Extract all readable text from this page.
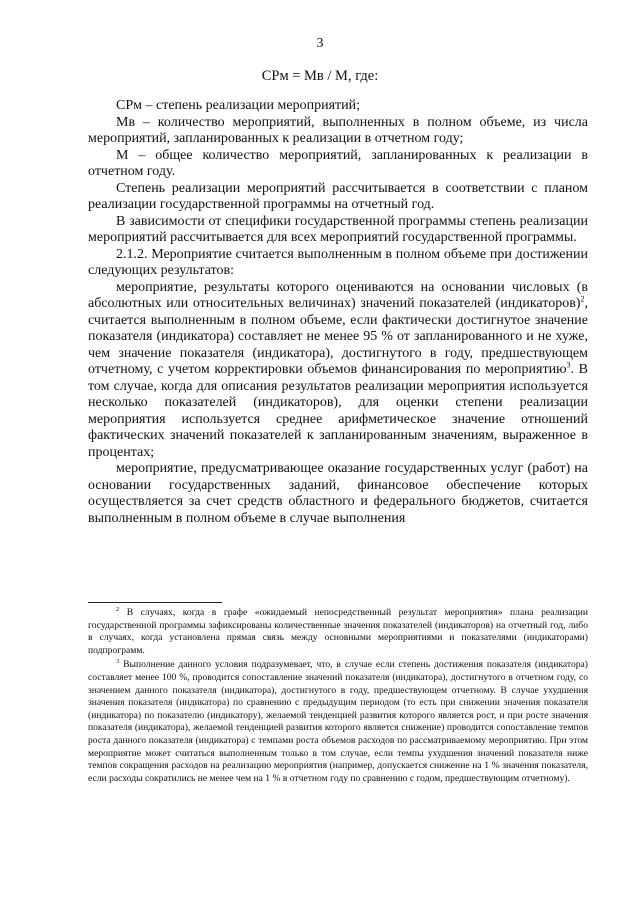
3
СРм = Мв / М, где:

СРм – степень реализации мероприятий;

Мв – количество мероприятий, выполненных в полном объеме, из числа мероприятий, запланированных к реализации в отчетном году;

М – общее количество мероприятий, запланированных к реализации в отчетном году.

Степень реализации мероприятий рассчитывается в соответствии с планом реализации государственной программы на отчетный год.

В зависимости от специфики государственной программы степень реализации мероприятий рассчитывается для всех мероприятий государственной программы.

2.1.2. Мероприятие считается выполненным в полном объеме при достижении следующих результатов:

мероприятие, результаты которого оцениваются на основании числовых (в абсолютных или относительных величинах) значений показателей (индикаторов)$^2$, считается выполненным в полном объеме, если фактически достигнутое значение показателя (индикатора) составляет не менее 95 % от запланированного и не хуже, чем значение показателя (индикатора), достигнутого в году, предшествующем отчетному, с учетом корректировки объемов финансирования по мероприятию$^3$. В том случае, когда для описания результатов реализации мероприятия используется несколько показателей (индикаторов), для оценки степени реализации мероприятия используется среднее арифметическое значение отношений фактических значений показателей к запланированным значениям, выраженное в процентах;

мероприятие, предусматривающее оказание государственных услуг (работ) на основании государственных заданий, финансовое обеспечение которых осуществляется за счет средств областного и федерального бюджетов, считается выполненным в полном объеме в случае выполнения

$^2$ В случаях, когда в графе «ожидаемый непосредственный результат мероприятия» плана реализации государственной программы зафиксированы количественные значения показателей (индикаторов) на отчетный год, либо в случаях, когда установлена прямая связь между основными мероприятиями и показателями (индикаторами) подпрограмм.

$^3$ Выполнение данного условия подразумевает, что, в случае если степень достижения показателя (индикатора) составляет менее 100 %, проводится сопоставление значений показателя (индикатора), достигнутого в отчетном году, со значением данного показателя (индикатора), достигнутого в году, предшествующем отчетному. В случае ухудшения значения показателя (индикатора) по сравнению с предыдущим периодом (то есть при снижении значения показателя (индикатора) по показателю (индикатору), желаемой тенденцией развития которого является рост, и при росте значения показателя (индикатора), желаемой тенденцией развития которого является снижение) проводится сопоставление темпов роста данного показателя (индикатора) с темпами роста объемов расходов по рассматриваемому мероприятию. При этом мероприятие может считаться выполненным только в том случае, если темпы ухудшения значений показателя ниже темпов сокращения расходов на реализацию мероприятия (например, допускается снижение на 1 % значения показателя, если расходы сократились не менее чем на 1 % в отчетном году по сравнению с годом, предшествующим отчетному).
